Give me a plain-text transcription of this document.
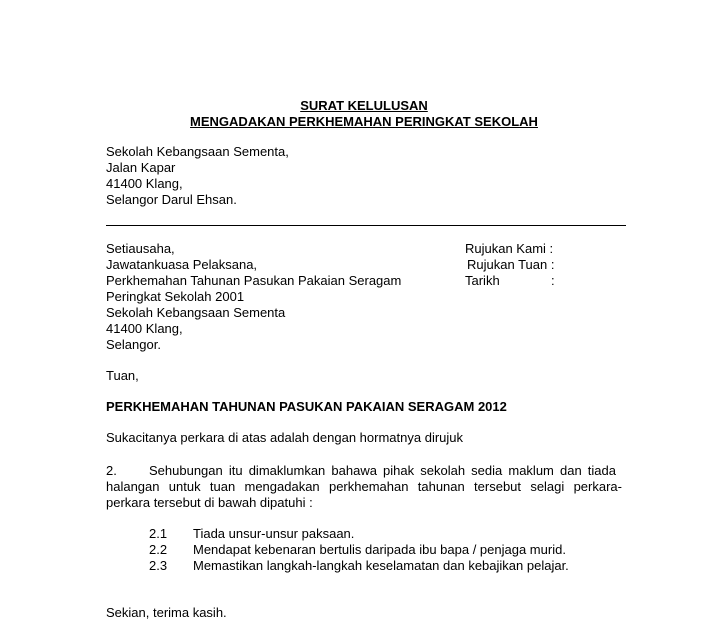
SURAT KELULUSAN
MENGADAKAN PERKHEMAHAN PERINGKAT SEKOLAH
Sekolah Kebangsaan Sementa,
Jalan Kapar
41400 Klang,
Selangor Darul Ehsan.
Setiausaha,
Jawatankuasa Pelaksana,
Perkhemahan Tahunan Pasukan Pakaian Seragam
Peringkat Sekolah 2001
Sekolah Kebangsaan Sementa
41400 Klang,
Selangor.
Rujukan Kami :
Rujukan Tuan :
Tarikh	:
Tuan,
PERKHEMAHAN TAHUNAN PASUKAN PAKAIAN SERAGAM 2012
Sukacitanya perkara di atas adalah dengan hormatnya dirujuk
2. Sehubungan itu dimaklumkan bahawa pihak sekolah sedia maklum dan tiada
halangan untuk tuan mengadakan perkhemahan tahunan tersebut selagi perkara-
perkara tersebut di bawah dipatuhi :
2.1 Tiada unsur-unsur paksaan.
2.2 Mendapat kebenaran bertulis daripada ibu bapa / penjaga murid.
2.3 Memastikan langkah-langkah keselamatan dan kebajikan pelajar.
Sekian, terima kasih.
